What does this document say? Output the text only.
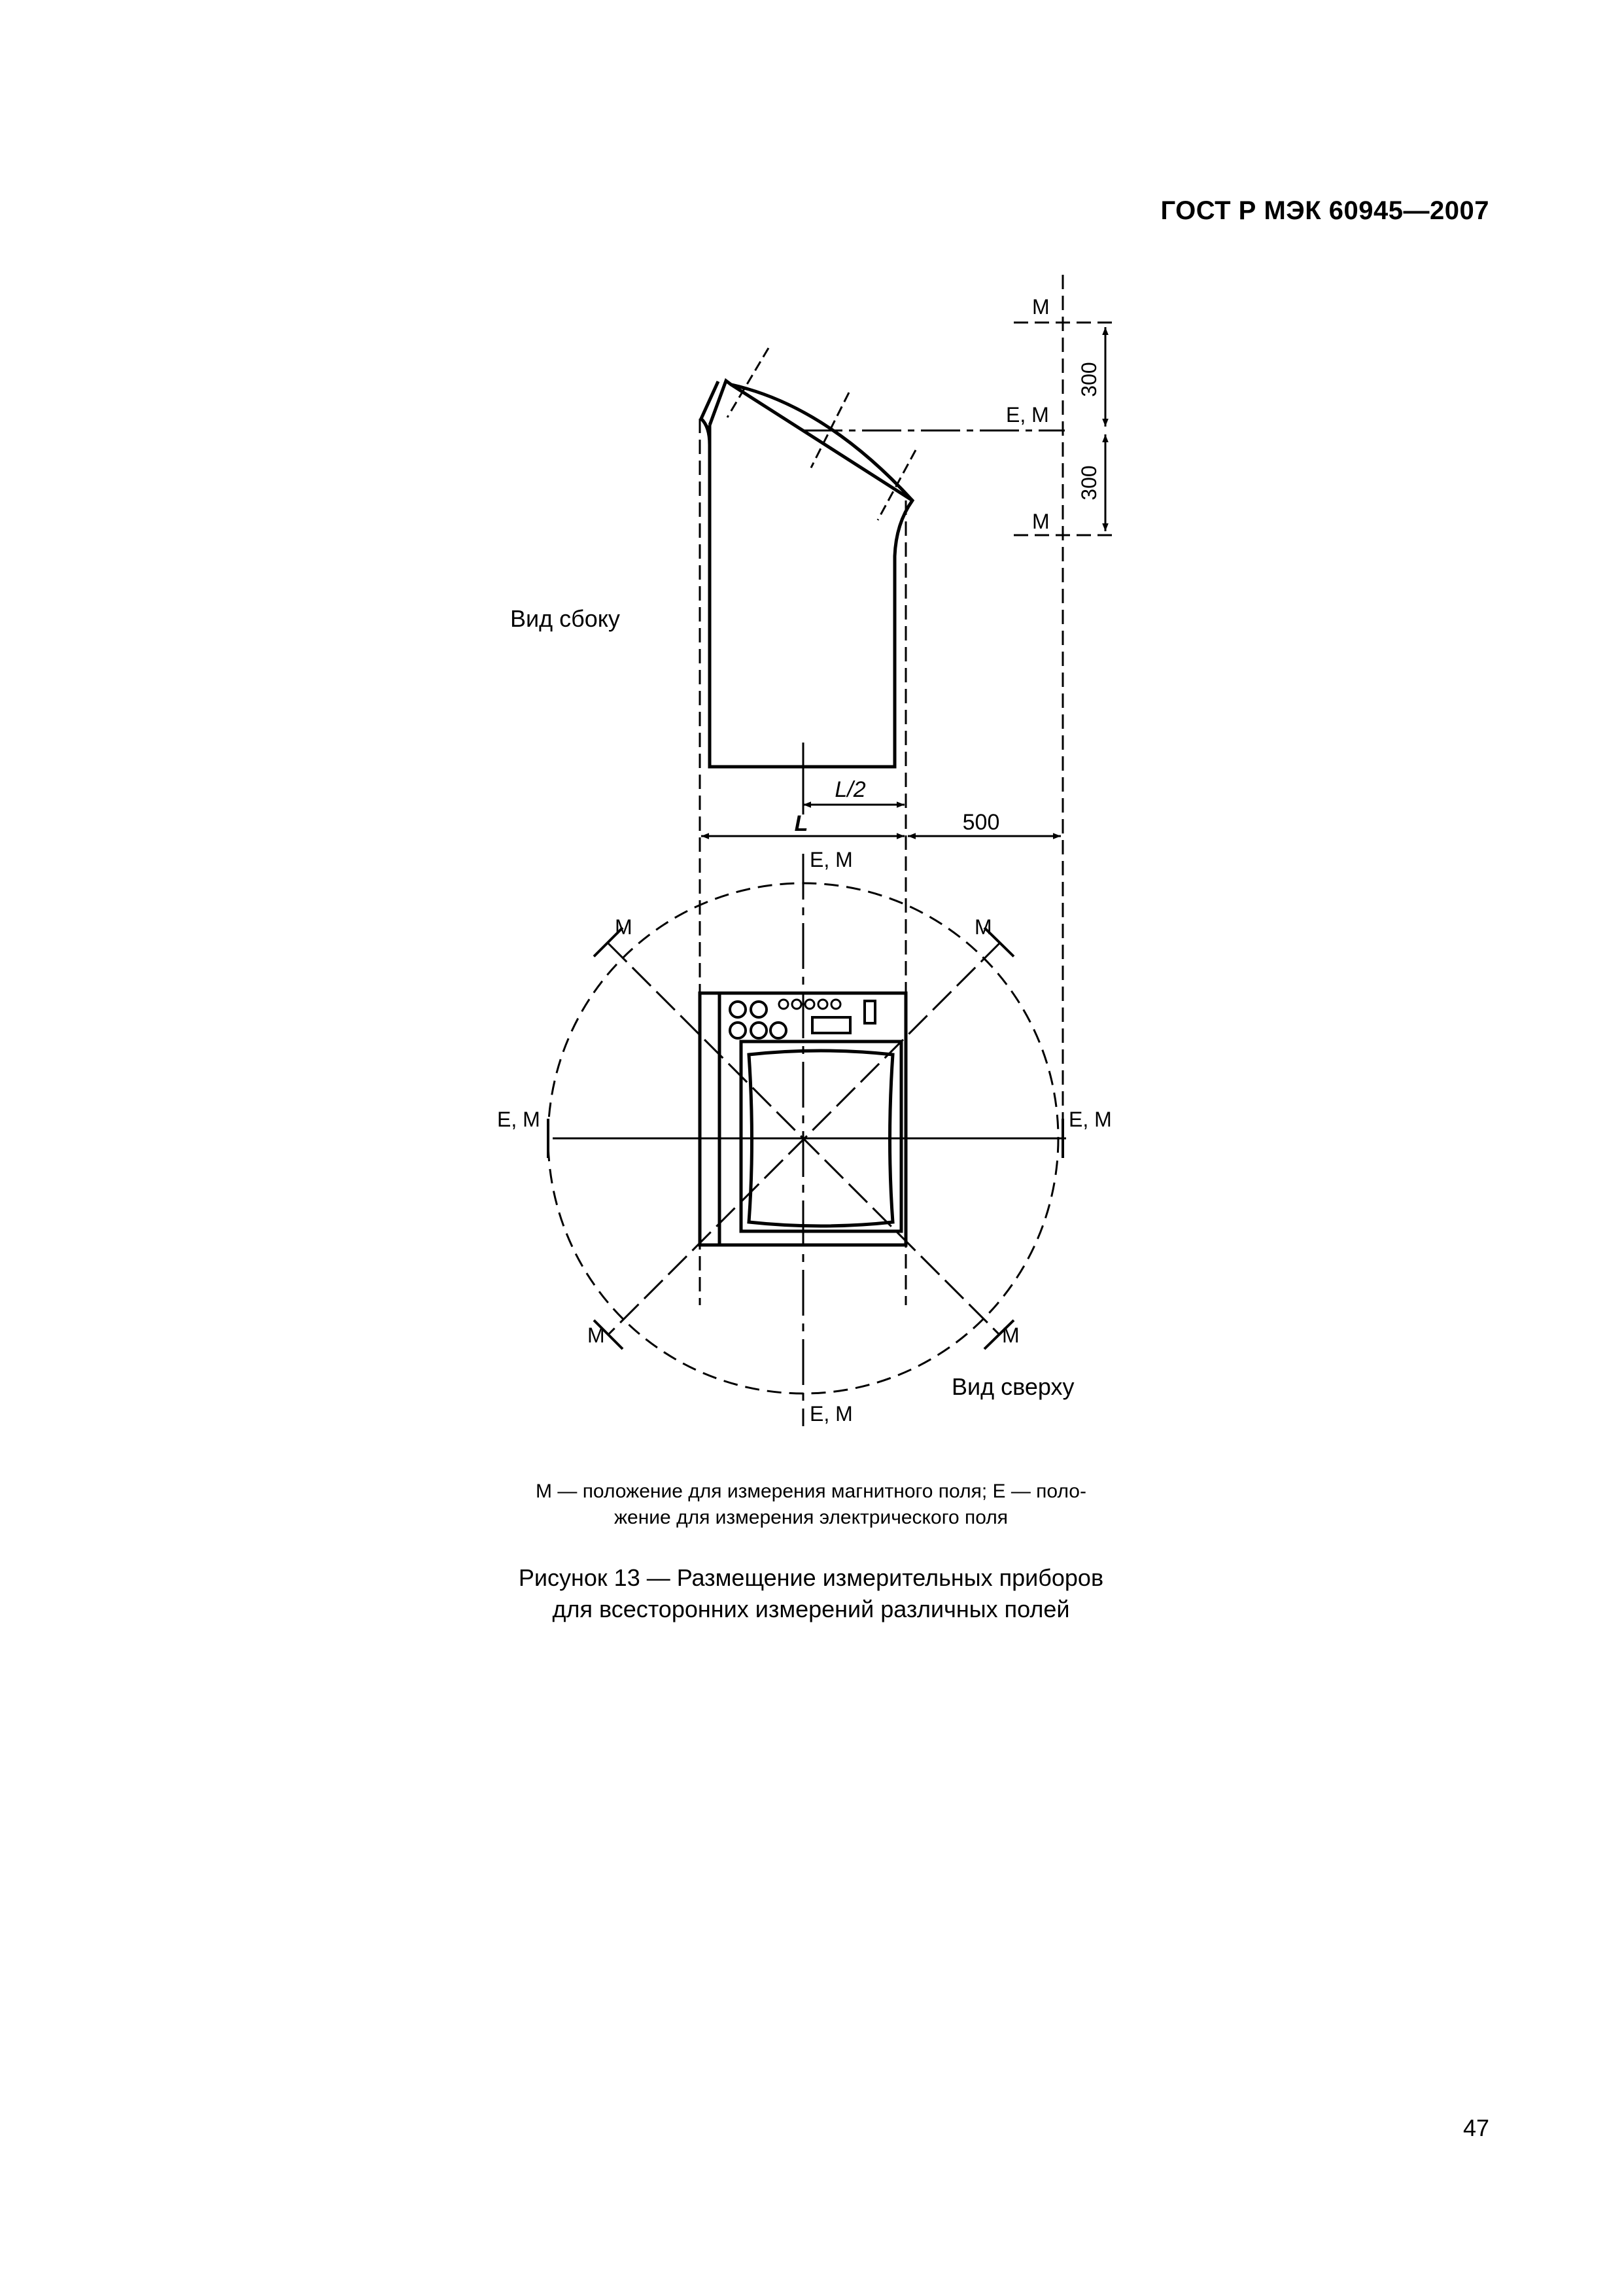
ГОСТ Р МЭК 60945—2007
М
Е, М
М
300
300
Вид сбоку
L/2
L	500
Е, М
М	М
Е, М	Е, М
М	М
Вид сверху
Е, М
М — положение для измерения магнитного поля; Е — поло-
жение для измерения электрического поля
Рисунок 13 — Размещение измерительных приборов
для всесторонних измерений различных полей
47
